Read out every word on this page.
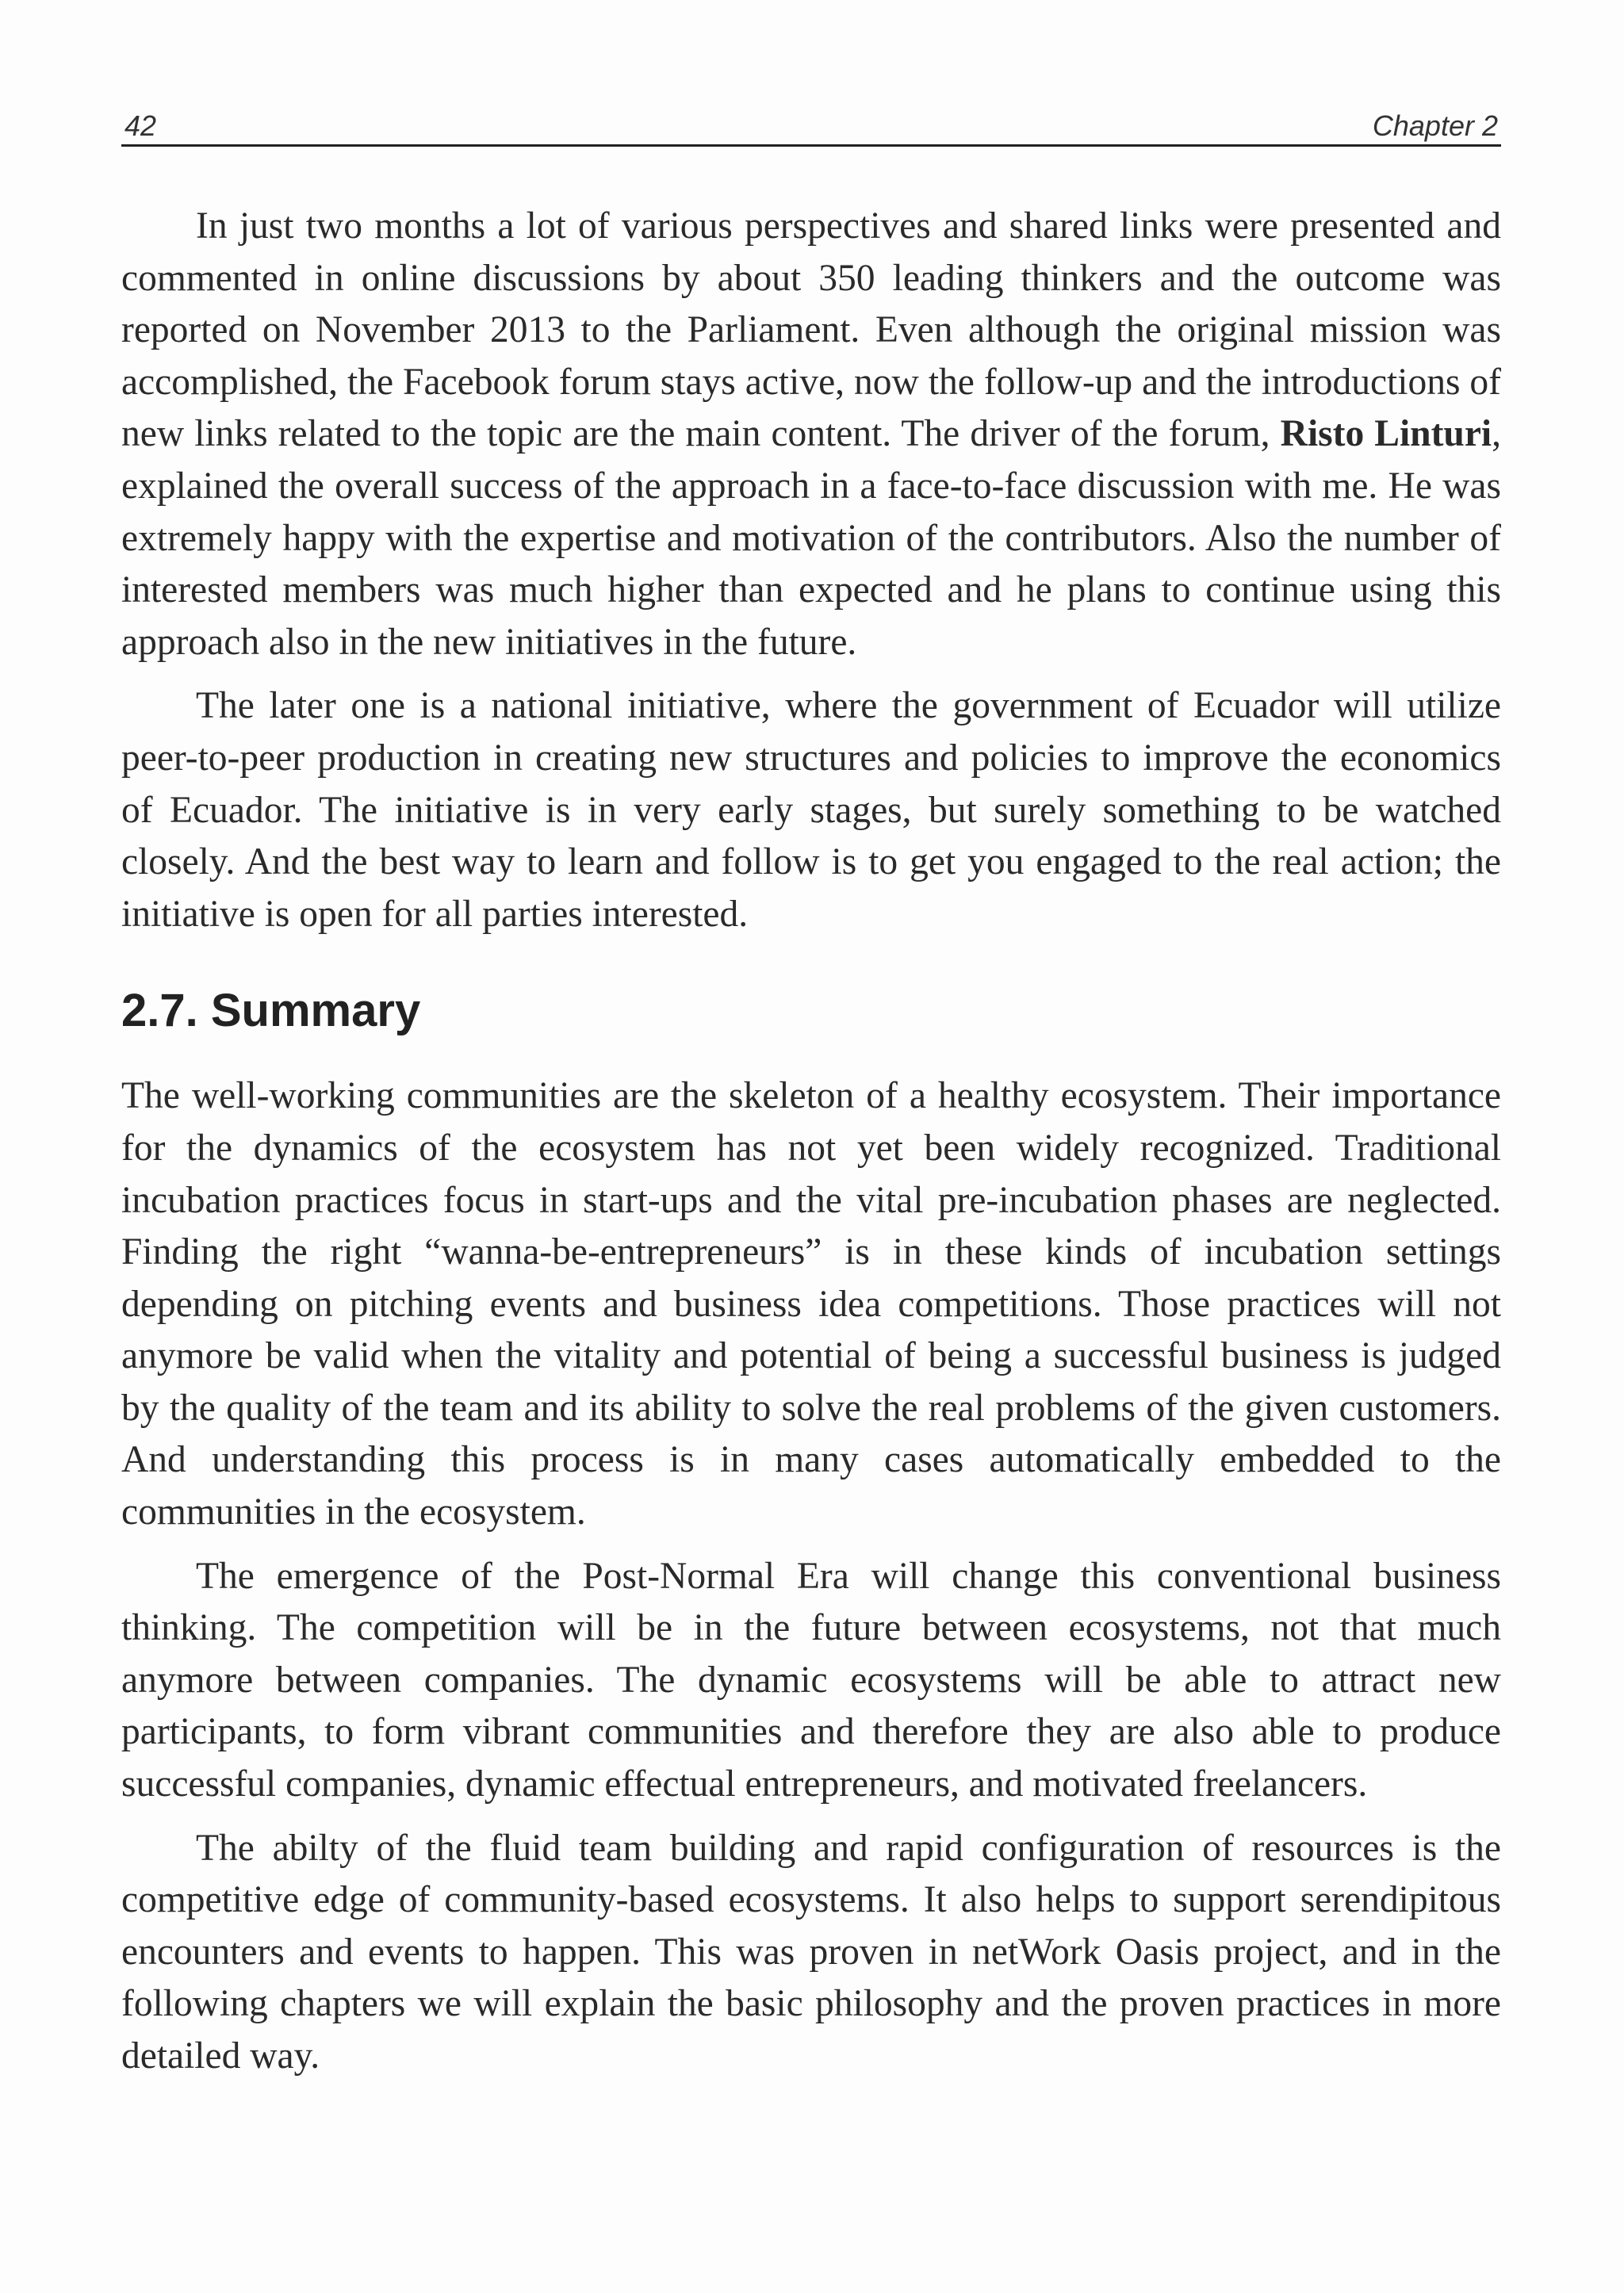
42	Chapter 2

In just two months a lot of various perspectives and shared links were presented and commented in online discussions by about 350 leading thinkers and the outcome was reported on November 2013 to the Parliament. Even although the original mission was accomplished, the Facebook forum stays active, now the follow-up and the introductions of new links related to the topic are the main content. The driver of the forum, Risto Linturi, explained the overall success of the approach in a face-to-face discussion with me. He was extremely happy with the expertise and motivation of the contributors. Also the number of interested members was much higher than expected and he plans to continue using this approach also in the new initiatives in the future.

The later one is a national initiative, where the government of Ecuador will utilize peer-to-peer production in creating new structures and policies to improve the economics of Ecuador. The initiative is in very early stages, but surely something to be watched closely. And the best way to learn and follow is to get you engaged to the real action; the initiative is open for all parties interested.

2.7. Summary

The well-working communities are the skeleton of a healthy ecosystem. Their importance for the dynamics of the ecosystem has not yet been widely recognized. Traditional incubation practices focus in start-ups and the vital pre-incubation phases are neglected. Finding the right “wanna-be-entrepreneurs” is in these kinds of incubation settings depending on pitching events and business idea competitions. Those practices will not anymore be valid when the vitality and potential of being a successful business is judged by the quality of the team and its ability to solve the real problems of the given customers. And understanding this process is in many cases automatically embedded to the communities in the ecosystem.

The emergence of the Post-Normal Era will change this conventional business thinking. The competition will be in the future between ecosystems, not that much anymore between companies. The dynamic ecosystems will be able to attract new participants, to form vibrant communities and therefore they are also able to produce successful companies, dynamic effectual entrepreneurs, and motivated freelancers.

The abilty of the fluid team building and rapid configuration of resources is the competitive edge of community-based ecosystems. It also helps to support serendipitous encounters and events to happen. This was proven in netWork Oasis project, and in the following chapters we will explain the basic philosophy and the proven practices in more detailed way.
